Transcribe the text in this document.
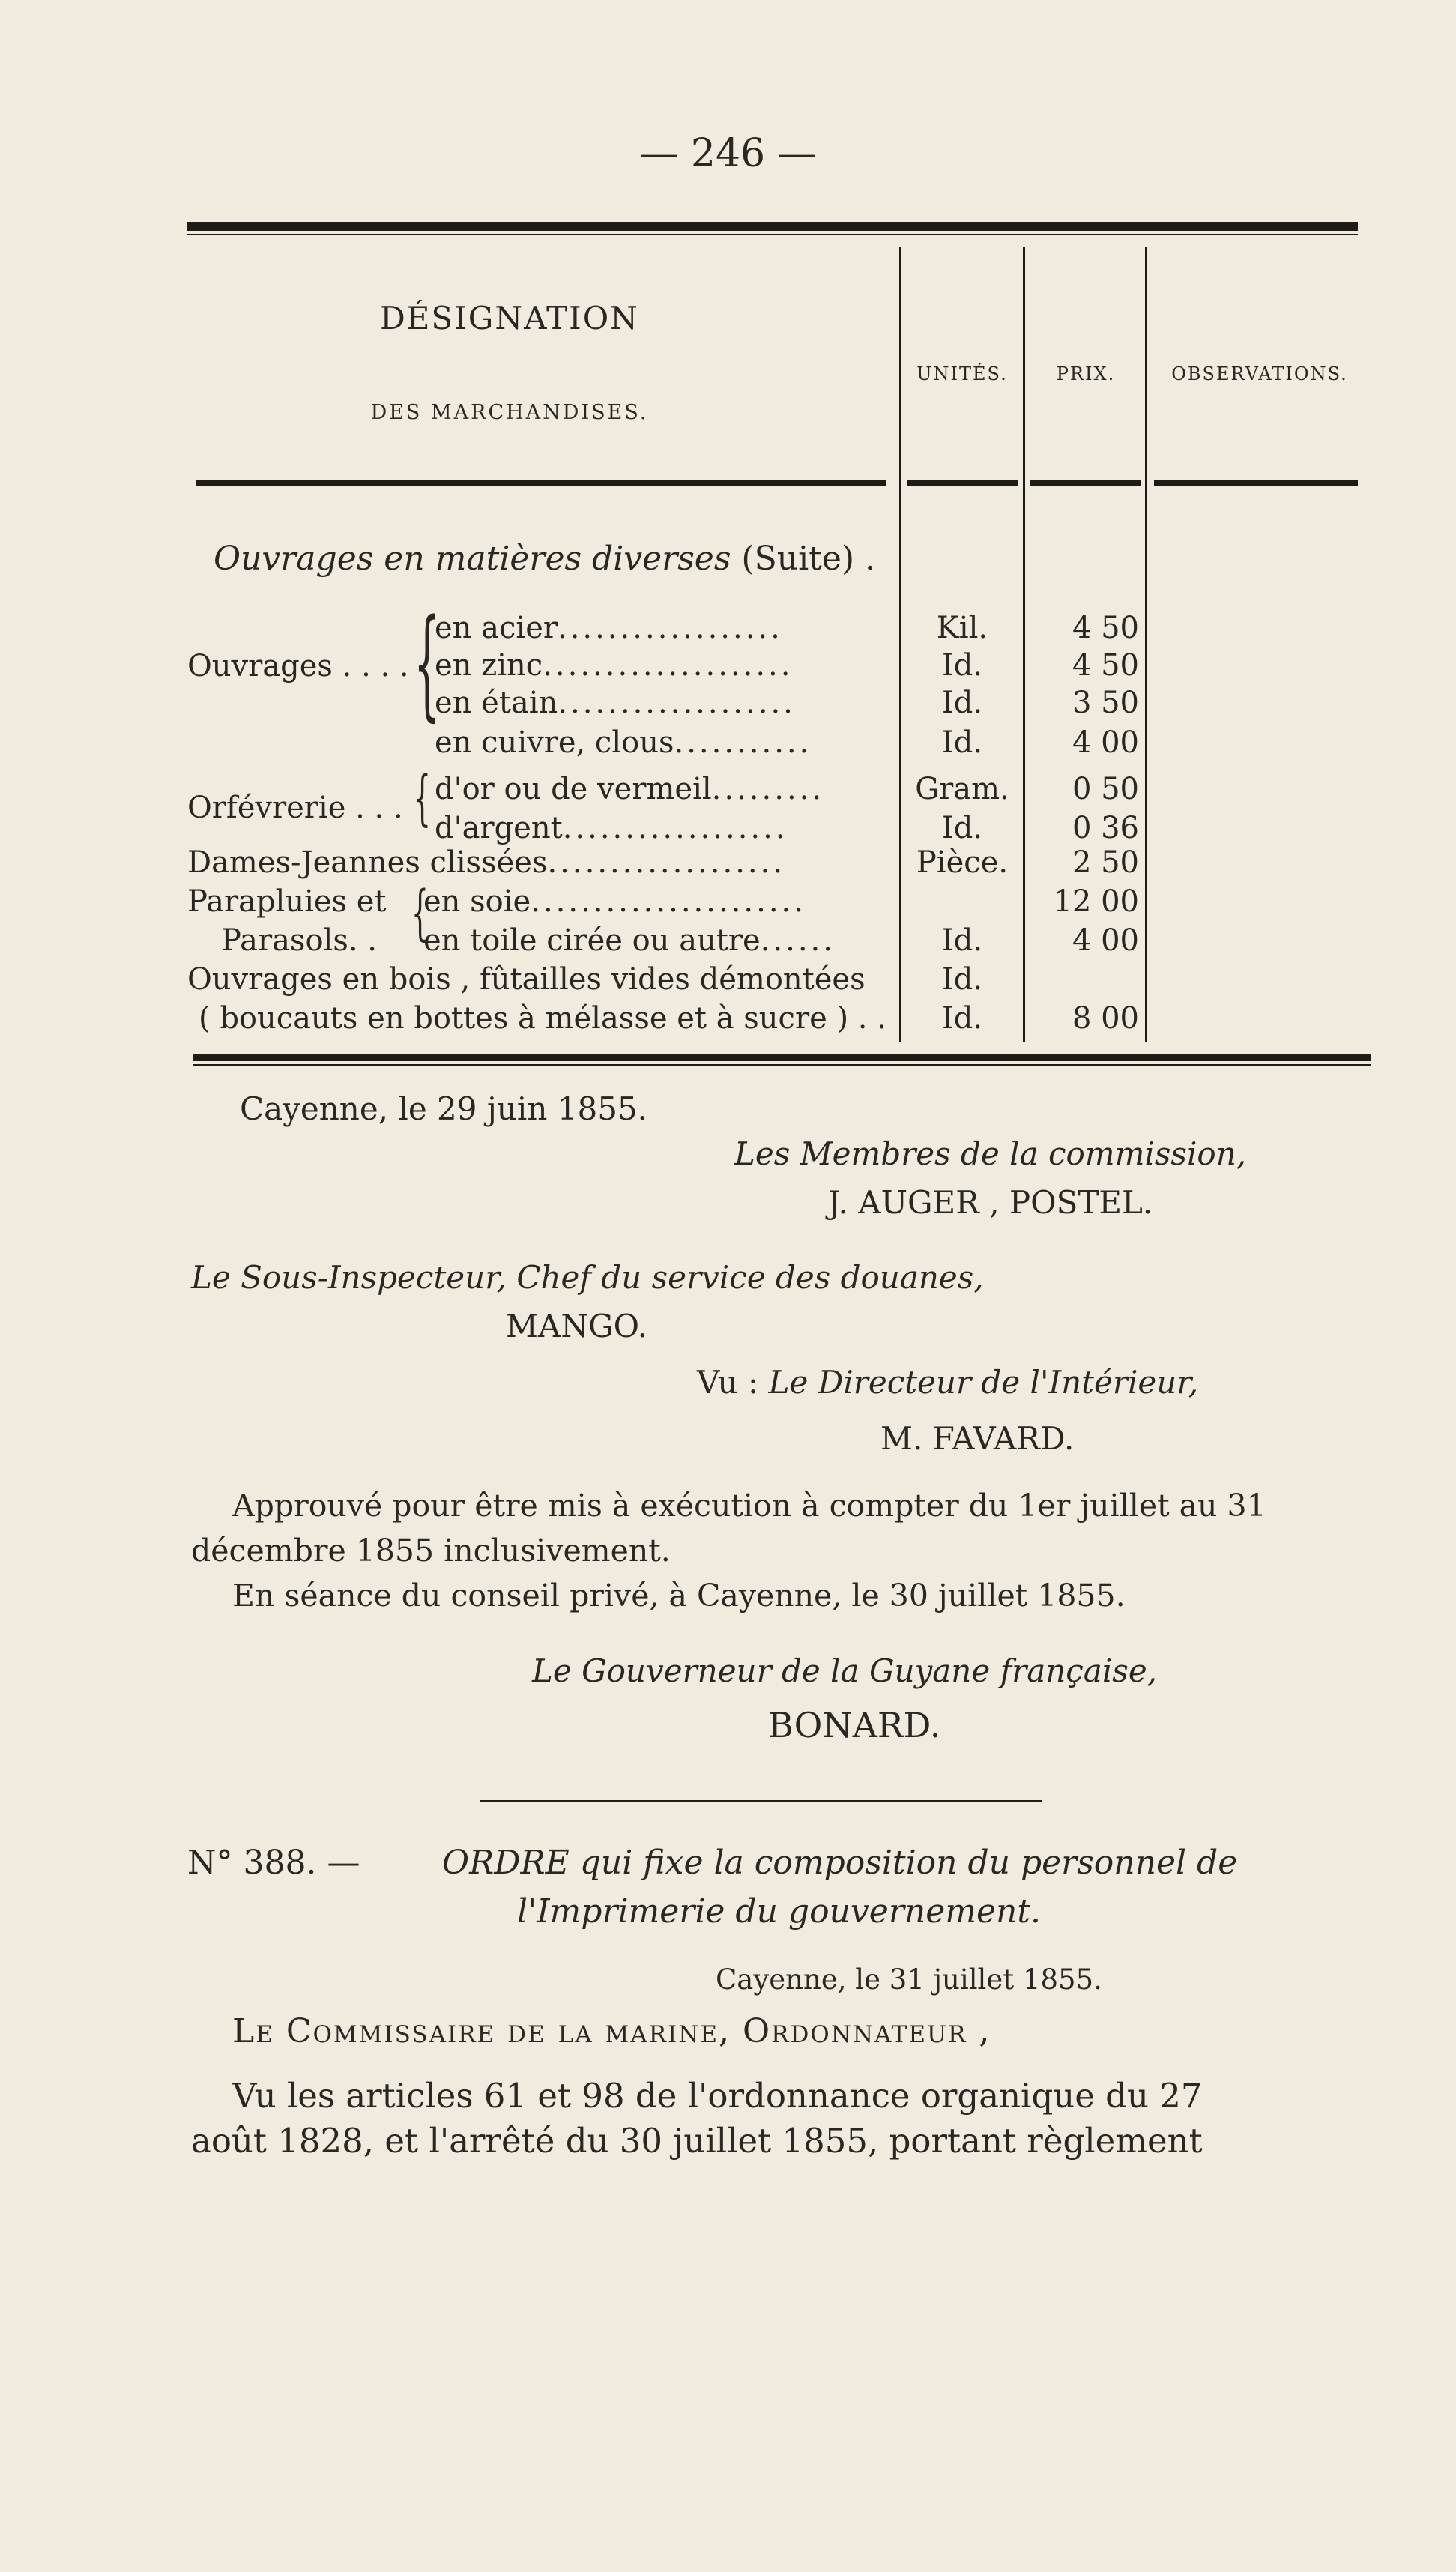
— 246 —
DÉSIGNATION
DES MARCHANDISES.
UNITÉS.	PRIX.	OBSERVATIONS.
Ouvrages en matières diverses (Suite) .
Ouvrages . . . . {
Orfévrerie . . . {
Parapluies et
Parasols. . {
en acier..................
en zinc....................
en étain...................
en cuivre, clous...........
d'or ou de vermeil.........
d'argent..................
Dames-Jeannes clissées...................
en soie......................
en toile cirée ou autre......
Ouvrages en bois , fûtailles vides démontées
( boucauts en bottes à mélasse et à sucre ) . .
Kil.
Id.
Id.
Id.
Gram.
Id.
Pièce.
Id.
Id.
Id.
4 50
4 50
3 50
4 00
0 50
0 36
2 50
12 00
4 00
8 00
Cayenne, le 29 juin 1855.
Les Membres de la commission,
J. AUGER , POSTEL.
Le Sous-Inspecteur, Chef du service des douanes,
MANGO.
Vu : Le Directeur de l'Intérieur,
M. FAVARD.
Approuvé pour être mis à exécution à compter du 1er juillet au 31
décembre 1855 inclusivement.
En séance du conseil privé, à Cayenne, le 30 juillet 1855.
Le Gouverneur de la Guyane française,
BONARD.
N° 388. — ORDRE qui fixe la composition du personnel de
l'Imprimerie du gouvernement.
Cayenne, le 31 juillet 1855.
Le Commissaire de la marine, Ordonnateur ,
Vu les articles 61 et 98 de l'ordonnance organique du 27
août 1828, et l'arrêté du 30 juillet 1855, portant règlement
